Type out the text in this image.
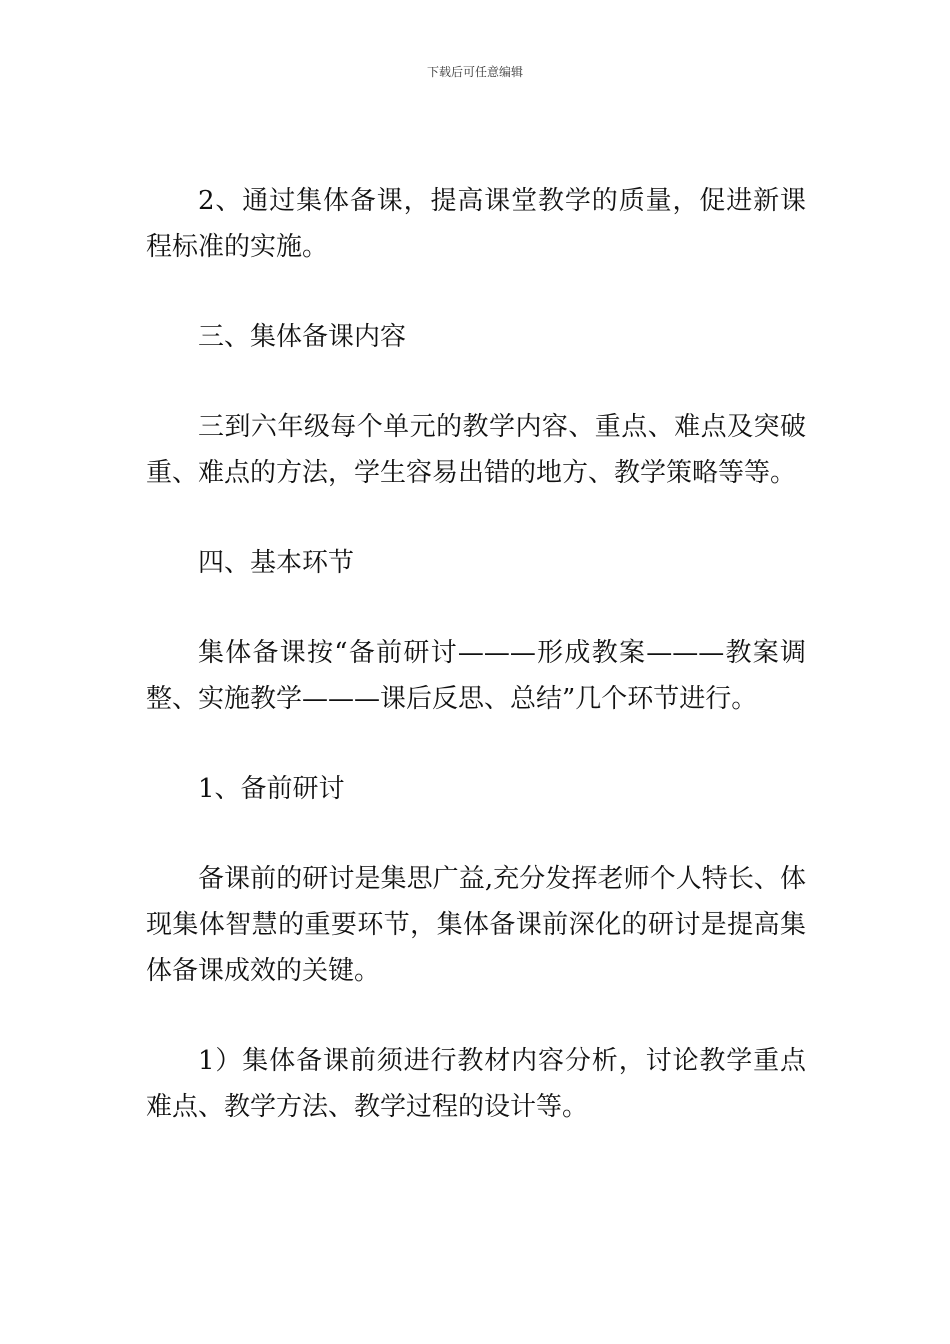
下载后可任意编辑

2、通过集体备课，提高课堂教学的质量，促进新课程标准的实施。

三、集体备课内容

三到六年级每个单元的教学内容、重点、难点及突破重、难点的方法，学生容易出错的地方、教学策略等等。

四、基本环节

集体备课按“备前研讨———形成教案———教案调整、实施教学———课后反思、总结”几个环节进行。

1、备前研讨

备课前的研讨是集思广益,充分发挥老师个人特长、体现集体智慧的重要环节，集体备课前深化的研讨是提高集体备课成效的关键。

1）集体备课前须进行教材内容分析，讨论教学重点难点、教学方法、教学过程的设计等。
